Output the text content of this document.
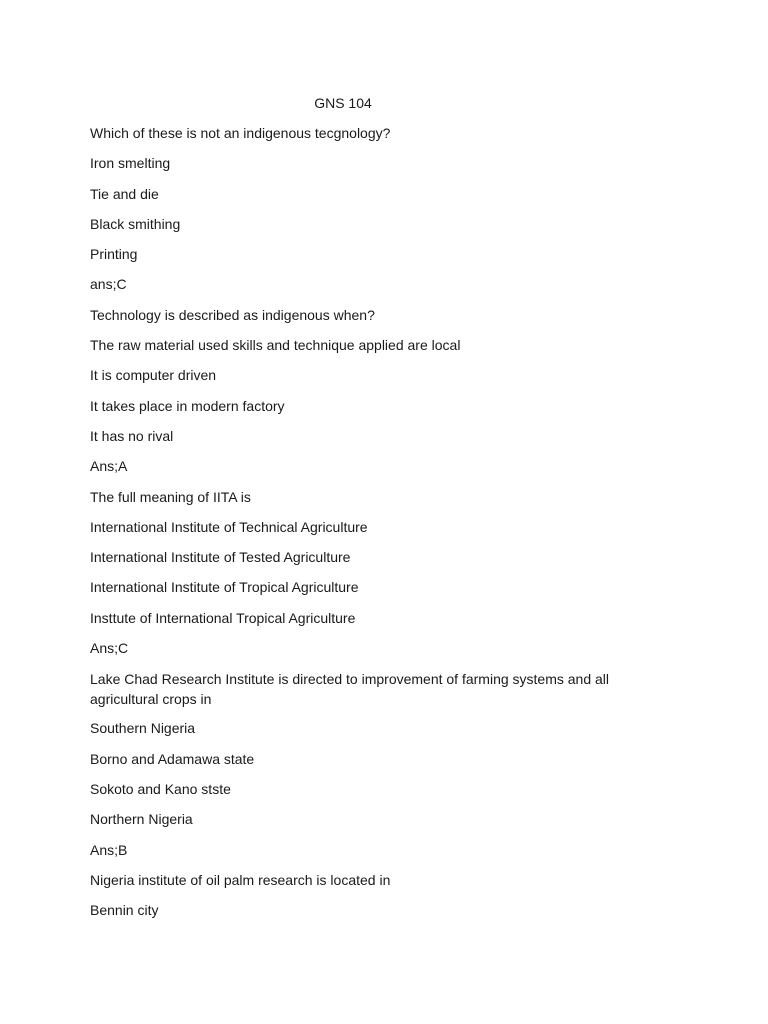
GNS 104

Which of these is not an indigenous tecgnology?

Iron smelting

Tie and die

Black smithing

Printing

ans;C

Technology is described as indigenous when?

The raw material used skills and technique applied are local

It is computer driven

It takes place in modern factory

It has no rival

Ans;A

The full meaning of IITA is

International Institute of Technical Agriculture

International Institute of Tested Agriculture

International Institute of Tropical Agriculture

Insttute of International Tropical Agriculture

Ans;C

Lake Chad Research Institute is directed to improvement of farming systems and all agricultural crops in

Southern Nigeria

Borno and Adamawa state

Sokoto and Kano stste

Northern Nigeria

Ans;B

Nigeria institute of oil palm research is located in

Bennin city
